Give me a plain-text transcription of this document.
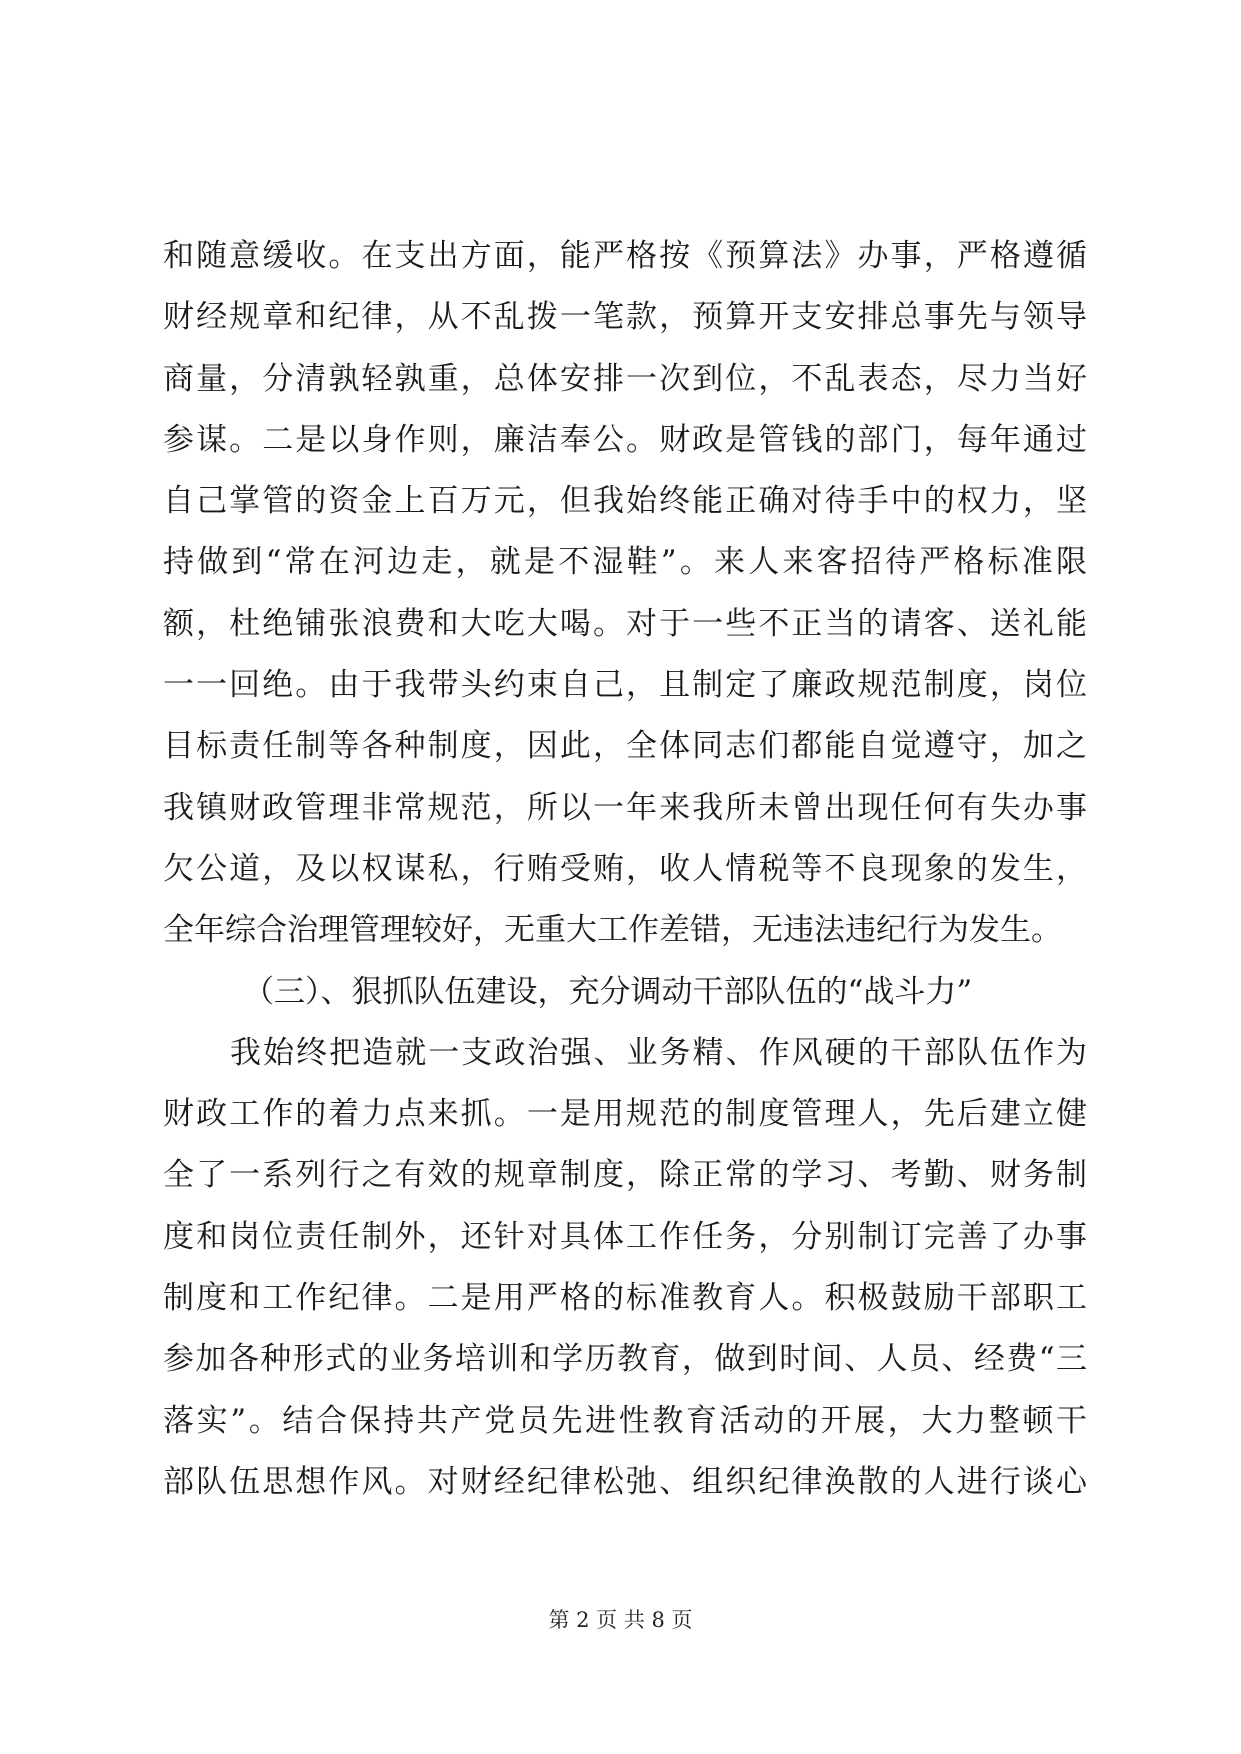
和随意缓收。在支出方面，能严格按《预算法》办事，严格遵循
财经规章和纪律，从不乱拨一笔款，预算开支安排总事先与领导
商量，分清孰轻孰重，总体安排一次到位，不乱表态，尽力当好
参谋。二是以身作则，廉洁奉公。财政是管钱的部门，每年通过
自己掌管的资金上百万元，但我始终能正确对待手中的权力，坚
持做到“常在河边走，就是不湿鞋”。来人来客招待严格标准限
额，杜绝铺张浪费和大吃大喝。对于一些不正当的请客、送礼能
一一回绝。由于我带头约束自己，且制定了廉政规范制度，岗位
目标责任制等各种制度，因此，全体同志们都能自觉遵守，加之
我镇财政管理非常规范，所以一年来我所未曾出现任何有失办事
欠公道，及以权谋私，行贿受贿，收人情税等不良现象的发生，
全年综合治理管理较好，无重大工作差错，无违法违纪行为发生。
（三）、狠抓队伍建设，充分调动干部队伍的“战斗力”
我始终把造就一支政治强、业务精、作风硬的干部队伍作为
财政工作的着力点来抓。一是用规范的制度管理人，先后建立健
全了一系列行之有效的规章制度，除正常的学习、考勤、财务制
度和岗位责任制外，还针对具体工作任务，分别制订完善了办事
制度和工作纪律。二是用严格的标准教育人。积极鼓励干部职工
参加各种形式的业务培训和学历教育，做到时间、人员、经费“三
落实”。结合保持共产党员先进性教育活动的开展，大力整顿干
部队伍思想作风。对财经纪律松弛、组织纪律涣散的人进行谈心
第 2 页 共 8 页
